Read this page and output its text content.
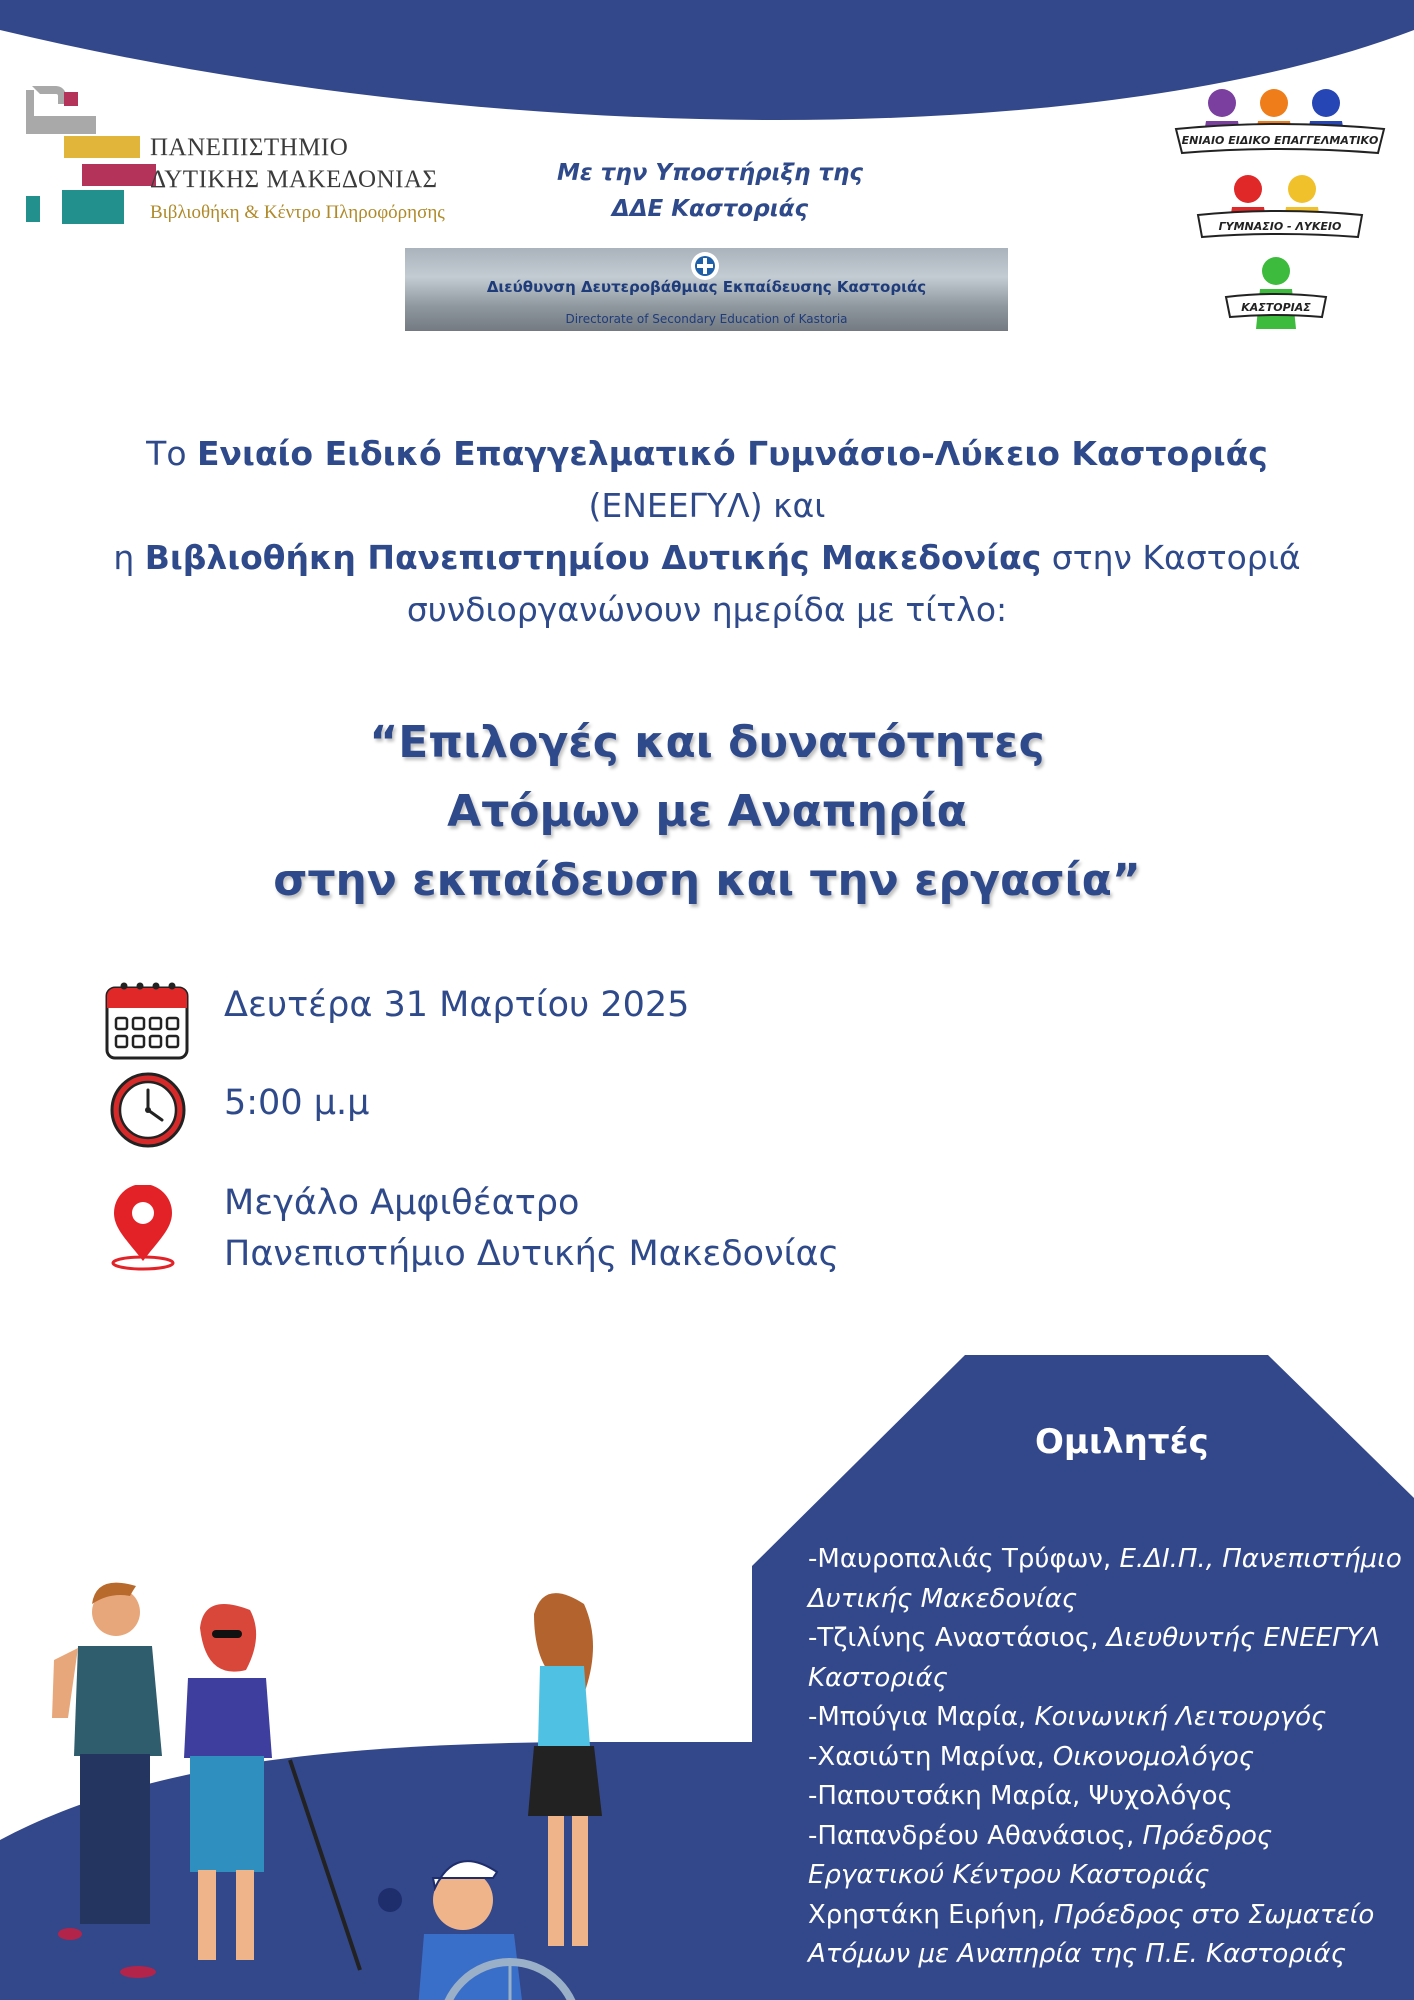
ΠΑΝΕΠΙΣΤΗΜΙΟ
ΔΥΤΙΚΗΣ ΜΑΚΕΔΟΝΙΑΣ
Βιβλιοθήκη & Κέντρο Πληροφόρησης
Με την Υποστήριξη της
ΔΔΕ Καστοριάς
Διεύθυνση Δευτεροβάθμιας Εκπαίδευσης Καστοριάς
Directorate of Secondary Education of Kastoria
ΕΝΙΑΙΟ ΕΙΔΙΚΟ ΕΠΑΓΓΕΛΜΑΤΙΚΟ
ΓΥΜΝΑΣΙΟ - ΛΥΚΕΙΟ
ΚΑΣΤΟΡΙΑΣ
Το Ενιαίο Ειδικό Επαγγελματικό Γυμνάσιο-Λύκειο Καστοριάς
(ΕΝΕΕΓΥΛ) και
η Βιβλιοθήκη Πανεπιστημίου Δυτικής Μακεδονίας στην Καστοριά
συνδιοργανώνουν ημερίδα με τίτλο:
“Επιλογές και δυνατότητες
Ατόμων με Αναπηρία
στην εκπαίδευση και την εργασία”
Δευτέρα 31 Μαρτίου 2025
5:00 μ.μ
Μεγάλο Αμφιθέατρο
Πανεπιστήμιο Δυτικής Μακεδονίας
Ομιλητές
-Μαυροπαλιάς Τρύφων, Ε.ΔΙ.Π., Πανεπιστήμιο Δυτικής Μακεδονίας
-Τζιλίνης Αναστάσιος, Διευθυντής ΕΝΕΕΓΥΛ Καστοριάς
-Μπούγια Μαρία, Κοινωνική Λειτουργός
-Χασιώτη Μαρίνα, Οικονομολόγος
-Παπουτσάκη Μαρία, Ψυχολόγος
-Παπανδρέου Αθανάσιος, Πρόεδρος Εργατικού Κέντρου Καστοριάς
Χρηστάκη Ειρήνη, Πρόεδρος στο Σωματείο Ατόμων με Αναπηρία της Π.Ε. Καστοριάς
